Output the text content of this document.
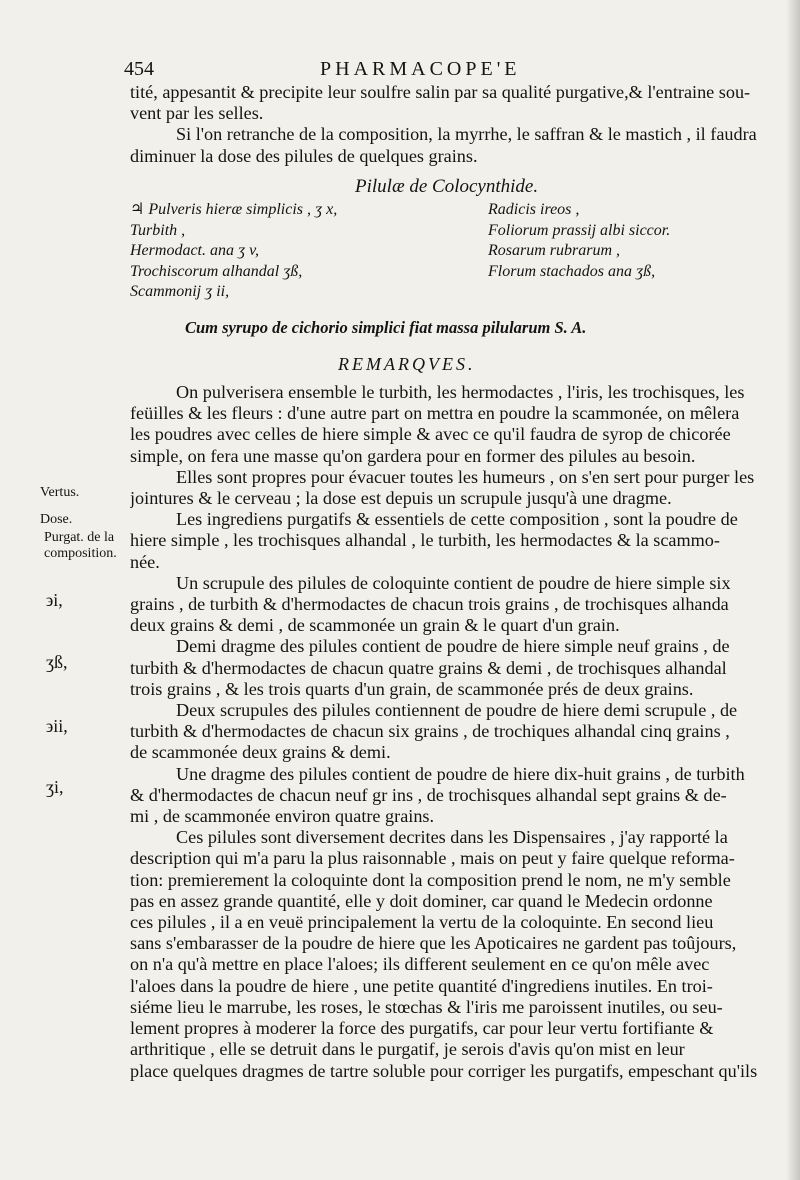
454	PHARMACOPE'E
tité, appesantit & precipite leur soulfre salin par sa qualité purgative,& l'entraine sou-
vent par les selles.
Si l'on retranche de la composition, la myrrhe, le saffran & le mastich , il faudra
diminuer la dose des pilules de quelques grains.
Pilulæ de Colocynthide.
♃ Pulveris hieræ simplicis , ʒ x,
Turbith ,
Hermodact. ana ʒ v,
Trochiscorum alhandal ʒß,
Scammonij ʒ ii,
Radicis ireos ,
Foliorum prassij albi siccor.
Rosarum rubrarum ,
Florum stachados ana ʒß,
Cum syrupo de cichorio simplici fiat massa pilularum S. A.
REMARQVES.
On pulverisera ensemble le turbith, les hermodactes , l'iris, les trochisques, les
feüilles & les fleurs : d'une autre part on mettra en poudre la scammonée, on mêlera
les poudres avec celles de hiere simple & avec ce qu'il faudra de syrop de chicorée
simple, on fera une masse qu'on gardera pour en former des pilules au besoin.
Elles sont propres pour évacuer toutes les humeurs , on s'en sert pour purger les
jointures & le cerveau ; la dose est depuis un scrupule jusqu'à une dragme.
Les ingrediens purgatifs & essentiels de cette composition , sont la poudre de
hiere simple , les trochisques alhandal , le turbith, les hermodactes & la scammo-
née.
Un scrupule des pilules de coloquinte contient de poudre de hiere simple six
grains , de turbith & d'hermodactes de chacun trois grains , de trochisques alhanda
deux grains & demi , de scammonée un grain & le quart d'un grain.
Demi dragme des pilules contient de poudre de hiere simple neuf grains , de
turbith & d'hermodactes de chacun quatre grains & demi , de trochisques alhandal
trois grains , & les trois quarts d'un grain, de scammonée prés de deux grains.
Deux scrupules des pilules contiennent de poudre de hiere demi scrupule , de
turbith & d'hermodactes de chacun six grains , de trochiques alhandal cinq grains ,
de scammonée deux grains & demi.
Une dragme des pilules contient de poudre de hiere dix-huit grains , de turbith
& d'hermodactes de chacun neuf gr ins , de trochisques alhandal sept grains & de-
mi , de scammonée environ quatre grains.
Ces pilules sont diversement decrites dans les Dispensaires , j'ay rapporté la
description qui m'a paru la plus raisonnable , mais on peut y faire quelque reforma-
tion: premierement la coloquinte dont la composition prend le nom, ne m'y semble
pas en assez grande quantité, elle y doit dominer, car quand le Medecin ordonne
ces pilules , il a en veuë principalement la vertu de la coloquinte. En second lieu
sans s'embarasser de la poudre de hiere que les Apoticaires ne gardent pas toûjours,
on n'a qu'à mettre en place l'aloes; ils different seulement en ce qu'on mêle avec
l'aloes dans la poudre de hiere , une petite quantité d'ingrediens inutiles. En troi-
siéme lieu le marrube, les roses, le stœchas & l'iris me paroissent inutiles, ou seu-
lement propres à moderer la force des purgatifs, car pour leur vertu fortifiante &
arthritique , elle se detruit dans le purgatif, je serois d'avis qu'on mist en leur
place quelques dragmes de tartre soluble pour corriger les purgatifs, empeschant qu'ils
Vertus.
Dose.
Purgat. de la composition.
϶i,
ʒß,
϶ii,
ʒi,
